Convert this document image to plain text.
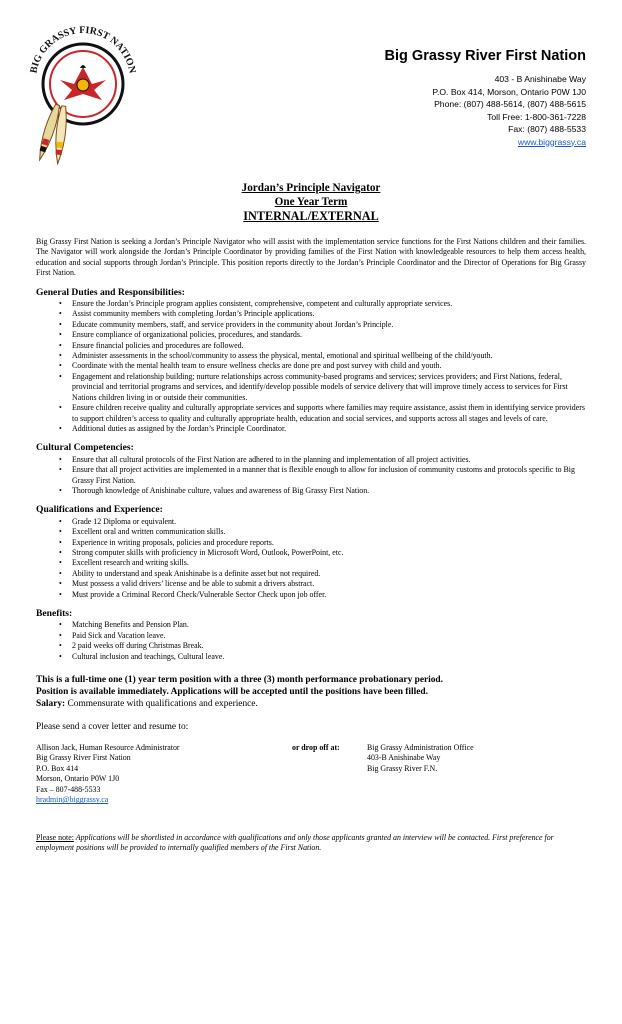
BIG GRASSY FIRST NATION
Big Grassy River First Nation
403 - B Anishinabe Way
P.O. Box 414, Morson, Ontario P0W 1J0
Phone: (807) 488-5614, (807) 488-5615
Toll Free: 1-800-361-7228
Fax: (807) 488-5533
www.biggrassy.ca
Jordan’s Principle Navigator
One Year Term
INTERNAL/EXTERNAL

Big Grassy First Nation is seeking a Jordan’s Principle Navigator who will assist with the implementation service functions for the First Nations children and their families. The Navigator will work alongside the Jordan’s Principle Coordinator by providing families of the First Nation with knowledgeable resources to help them access health, education and social supports through Jordan’s Principle. This position reports directly to the Jordan’s Principle Coordinator and the Director of Operations for Big Grassy First Nation.

General Duties and Responsibilities:
• Ensure the Jordan’s Principle program applies consistent, comprehensive, competent and culturally appropriate services.
• Assist community members with completing Jordan’s Principle applications.
• Educate community members, staff, and service providers in the community about Jordan’s Principle.
• Ensure compliance of organizational policies, procedures, and standards.
• Ensure financial policies and procedures are followed.
• Administer assessments in the school/community to assess the physical, mental, emotional and spiritual wellbeing of the child/youth.
• Coordinate with the mental health team to ensure wellness checks are done pre and post survey with child and youth.
• Engagement and relationship building; nurture relationships across community-based programs and services; services providers; and First Nations, federal, provincial and territorial programs and services, and identify/develop possible models of service delivery that will improve timely access to services for First Nations children living in or outside their communities.
• Ensure children receive quality and culturally appropriate services and supports where families may require assistance, assist them in identifying service providers to support children’s access to quality and culturally appropriate health, education and social services, and supports across all stages and levels of care.
• Additional duties as assigned by the Jordan’s Principle Coordinator.
Cultural Competencies:
• Ensure that all cultural protocols of the First Nation are adhered to in the planning and implementation of all project activities.
• Ensure that all project activities are implemented in a manner that is flexible enough to allow for inclusion of community customs and protocols specific to Big Grassy First Nation.
• Thorough knowledge of Anishinabe culture, values and awareness of Big Grassy First Nation.
Qualifications and Experience:
• Grade 12 Diploma or equivalent.
• Excellent oral and written communication skills.
• Experience in writing proposals, policies and procedure reports.
• Strong computer skills with proficiency in Microsoft Word, Outlook, PowerPoint, etc.
• Excellent research and writing skills.
• Ability to understand and speak Anishinabe is a definite asset but not required.
• Must possess a valid drivers’ license and be able to submit a drivers abstract.
• Must provide a Criminal Record Check/Vulnerable Sector Check upon job offer.
Benefits:
• Matching Benefits and Pension Plan.
• Paid Sick and Vacation leave.
• 2 paid weeks off during Christmas Break.
• Cultural inclusion and teachings, Cultural leave.
This is a full-time one (1) year term position with a three (3) month performance probationary period.
Position is available immediately. Applications will be accepted until the positions have been filled.
Salary: Commensurate with qualifications and experience.
Please send a cover letter and resume to:
Allison Jack, Human Resource Administrator
Big Grassy River First Nation
P.O. Box 414
Morson, Ontario P0W 1J0
Fax – 807-488-5533
hradmin@biggrassy.ca
or drop off at:	Big Grassy Administration Office
403-B Anishinabe Way
Big Grassy River F.N.
Please note: Applications will be shortlisted in accordance with qualifications and only those applicants granted an interview will be contacted. First preference for employment positions will be provided to internally qualified members of the First Nation.
